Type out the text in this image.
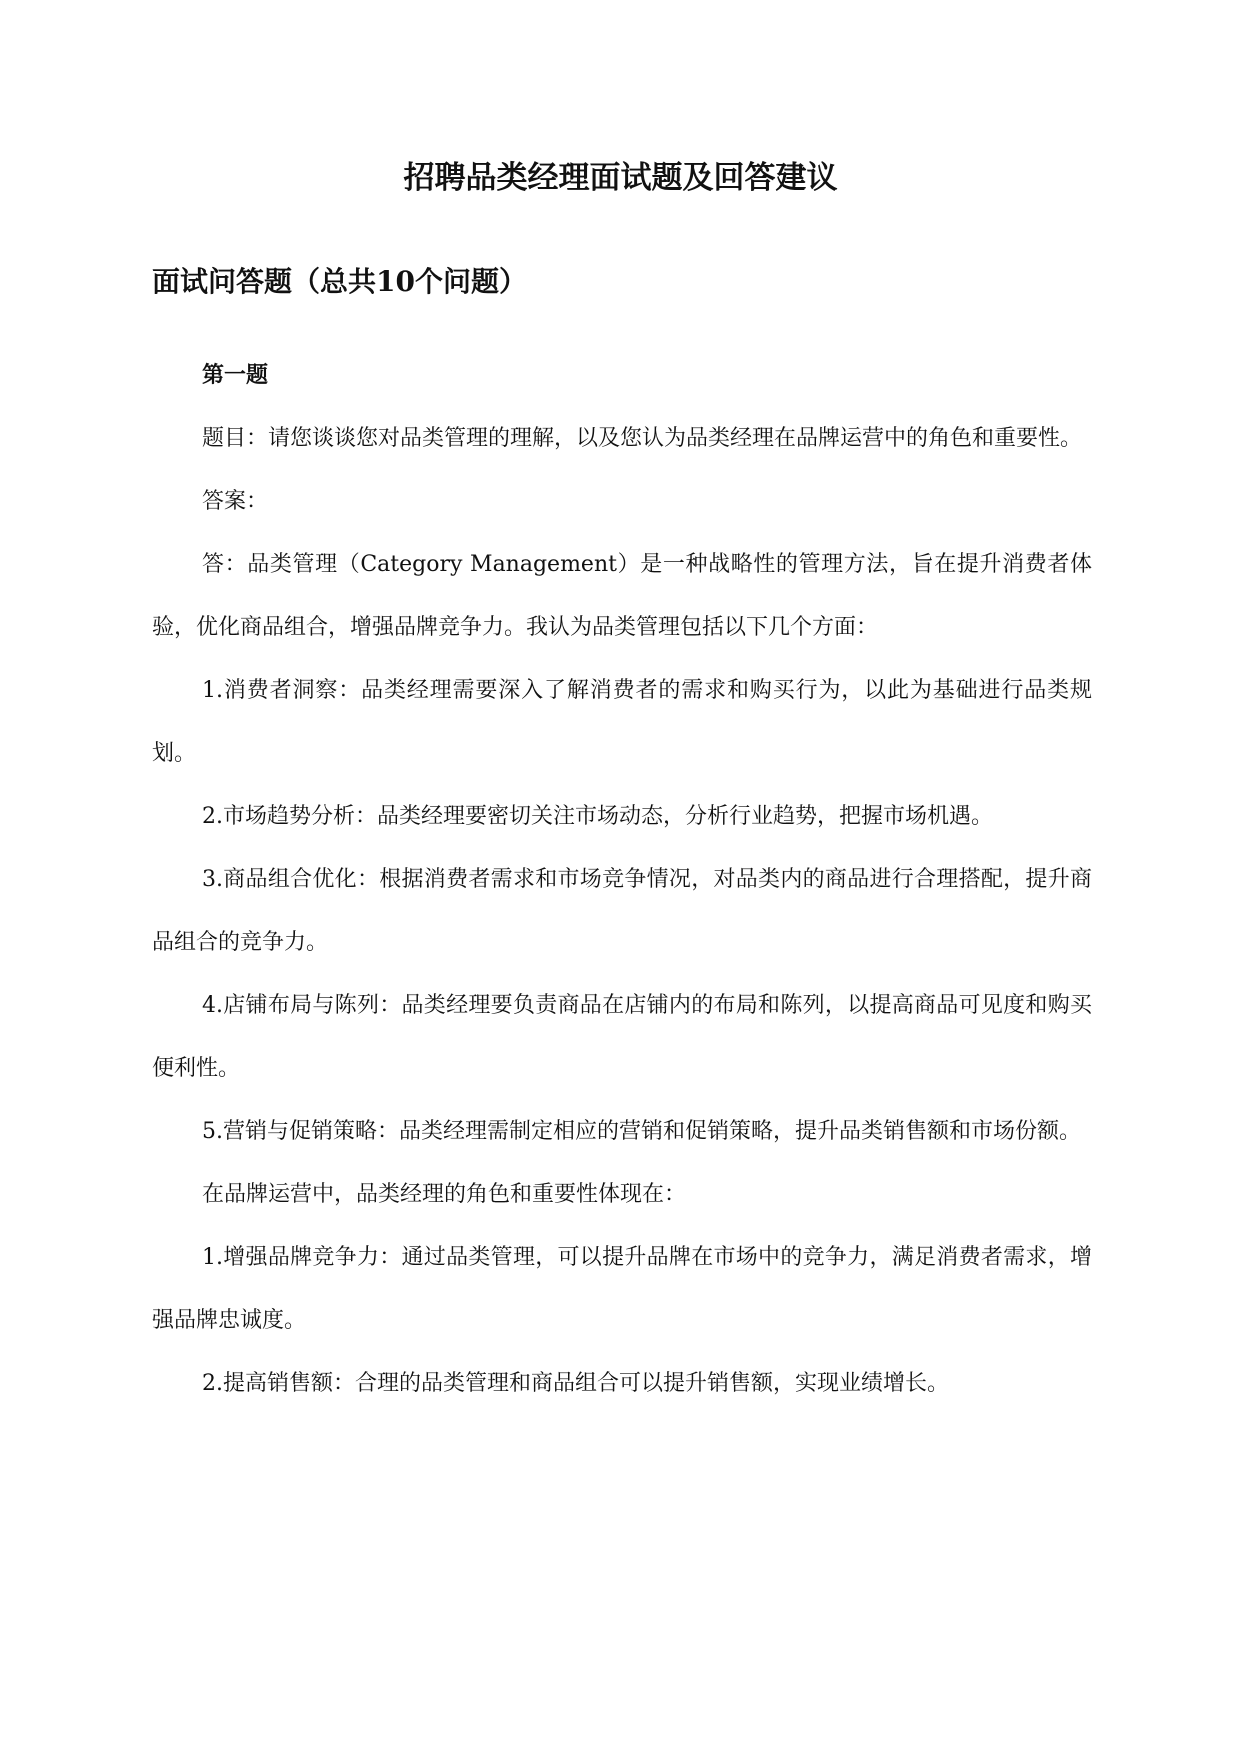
招聘品类经理面试题及回答建议
面试问答题（总共10个问题）

第一题

题目：请您谈谈您对品类管理的理解，以及您认为品类经理在品牌运营中的角色和重要性。

答案：

答：品类管理（Category Management）是一种战略性的管理方法，旨在提升消费者体验，优化商品组合，增强品牌竞争力。我认为品类管理包括以下几个方面：

1.消费者洞察：品类经理需要深入了解消费者的需求和购买行为，以此为基础进行品类规划。

2.市场趋势分析：品类经理要密切关注市场动态，分析行业趋势，把握市场机遇。

3.商品组合优化：根据消费者需求和市场竞争情况，对品类内的商品进行合理搭配，提升商品组合的竞争力。

4.店铺布局与陈列：品类经理要负责商品在店铺内的布局和陈列，以提高商品可见度和购买便利性。

5.营销与促销策略：品类经理需制定相应的营销和促销策略，提升品类销售额和市场份额。

在品牌运营中，品类经理的角色和重要性体现在：

1.增强品牌竞争力：通过品类管理，可以提升品牌在市场中的竞争力，满足消费者需求，增强品牌忠诚度。

2.提高销售额：合理的品类管理和商品组合可以提升销售额，实现业绩增长。
